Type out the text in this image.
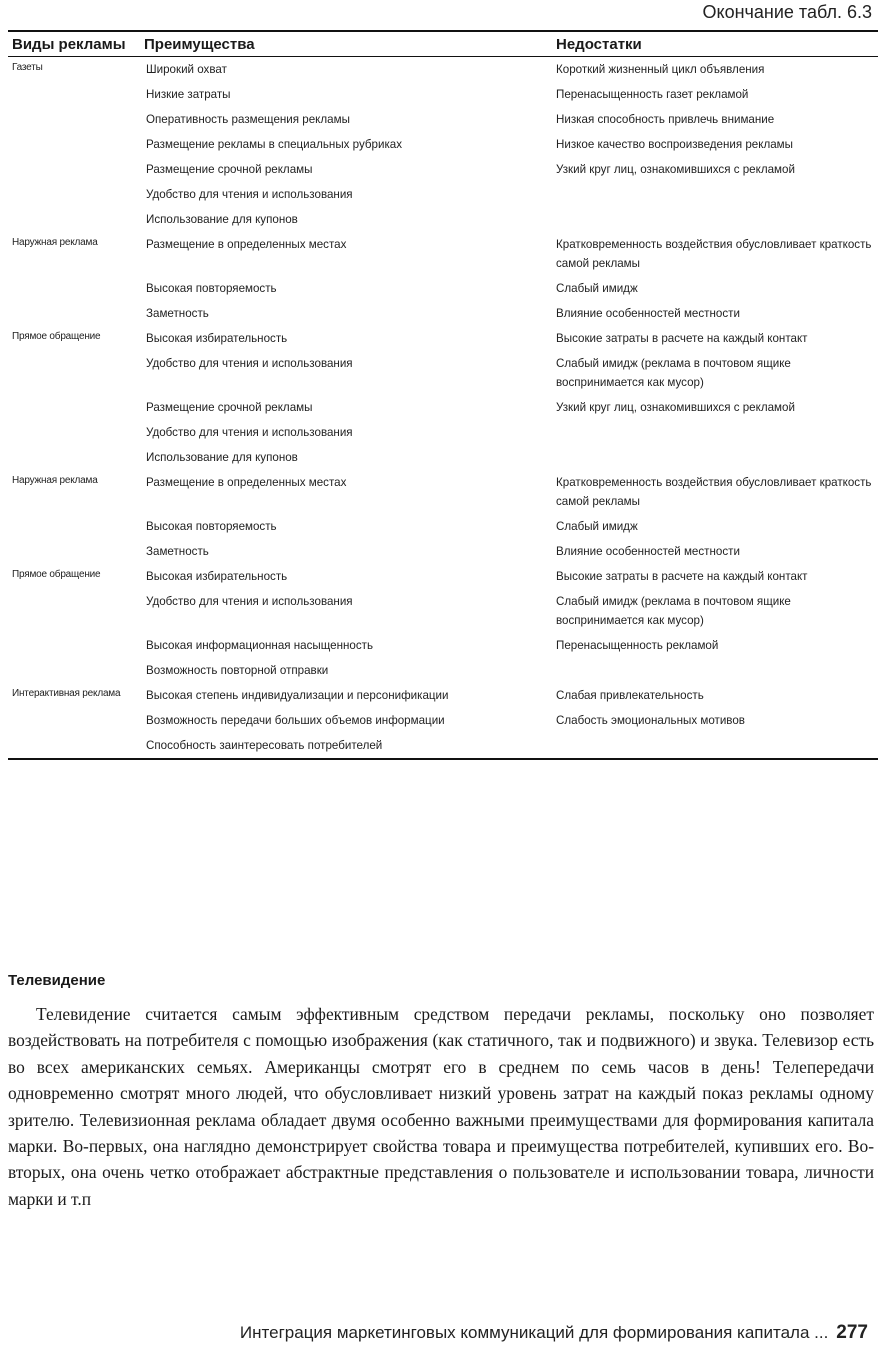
Окончание табл. 6.3
Виды рекламы	Преимущества	Недостатки
Газеты	Широкий охват	Короткий жизненный цикл объявления
	Низкие затраты	Перенасыщенность газет рекламой
	Оперативность размещения рекламы	Низкая способность привлечь внимание
	Размещение рекламы в специальных рубриках	Низкое качество воспроизведения рекламы
	Размещение срочной рекламы	Узкий круг лиц, ознакомившихся с рекламой
	Удобство для чтения и использования	
	Использование для купонов	
Наружная реклама	Размещение в определенных местах	Кратковременность воздействия обусловливает краткость самой рекламы
	Высокая повторяемость	Слабый имидж
	Заметность	Влияние особенностей местности
Прямое обращение	Высокая избирательность	Высокие затраты в расчете на каждый контакт
	Удобство для чтения и использования	Слабый имидж (реклама в почтовом ящике воспринимается как мусор)
	Размещение срочной рекламы	Узкий круг лиц, ознакомившихся с рекламой
	Удобство для чтения и использования	
	Использование для купонов	
Наружная реклама	Размещение в определенных местах	Кратковременность воздействия обусловливает краткость самой рекламы
	Высокая повторяемость	Слабый имидж
	Заметность	Влияние особенностей местности
Прямое обращение	Высокая избирательность	Высокие затраты в расчете на каждый контакт
	Удобство для чтения и использования	Слабый имидж (реклама в почтовом ящике воспринимается как мусор)
	Высокая информационная насыщенность	Перенасыщенность рекламой
	Возможность повторной отправки	
Интерактивная реклама	Высокая степень индивидуализации и персонификации	Слабая привлекательность
	Возможность передачи больших объемов информации	Слабость эмоциональных мотивов
	Способность заинтересовать потребителей	
Телевидение

Телевидение считается самым эффективным средством передачи рекламы, поскольку оно позволяет воздействовать на потребителя с помощью изображения (как статичного, так и подвижного) и звука. Телевизор есть во всех американских семьях. Американцы смотрят его в среднем по семь часов в день! Телепередачи одновременно смотрят много людей, что обусловливает низкий уровень затрат на каждый показ рекламы одному зрителю. Телевизионная реклама обладает двумя особенно важными преимуществами для формирования капитала марки. Во-первых, она наглядно демонстрирует свойства товара и преимущества потребителей, купивших его. Во-вторых, она очень четко отображает абстрактные представления о пользователе и использовании товара, личности марки и т.п

Интеграция маркетинговых коммуникаций для формирования капитала ... 277
